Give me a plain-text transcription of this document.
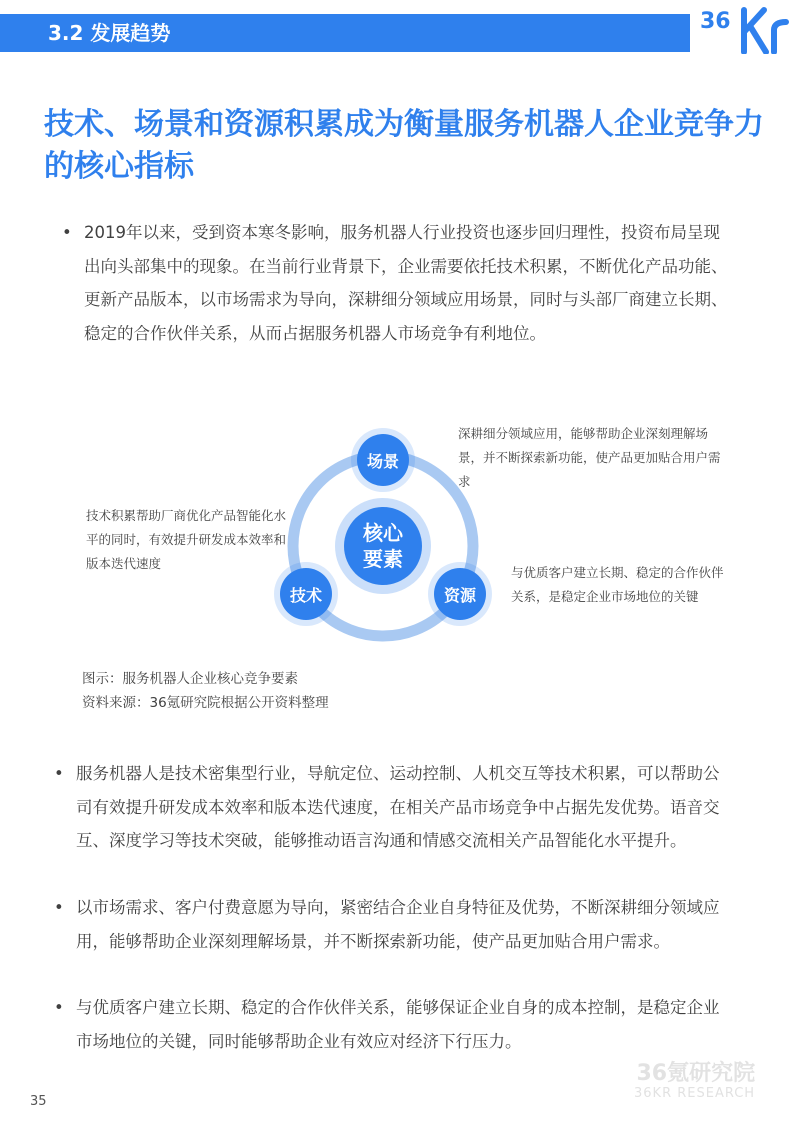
3.2 发展趋势	36
技术、场景和资源积累成为衡量服务机器人企业竞争力的核心指标
• 2019年以来，受到资本寒冬影响，服务机器人行业投资也逐步回归理性，投资布局呈现出向头部集中的现象。在当前行业背景下，企业需要依托技术积累，不断优化产品功能、更新产品版本，以市场需求为导向，深耕细分领域应用场景，同时与头部厂商建立长期、稳定的合作伙伴关系，从而占据服务机器人市场竞争有利地位。
核心
要素
场景
技术	资源
深耕细分领域应用，能够帮助企业深刻理解场景，并不断探索新功能，使产品更加贴合用户需求
技术积累帮助厂商优化产品智能化水平的同时，有效提升研发成本效率和版本迭代速度
与优质客户建立长期、稳定的合作伙伴关系，是稳定企业市场地位的关键
图示：服务机器人企业核心竞争要素
资料来源：36氪研究院根据公开资料整理
• 服务机器人是技术密集型行业，导航定位、运动控制、人机交互等技术积累，可以帮助公司有效提升研发成本效率和版本迭代速度，在相关产品市场竞争中占据先发优势。语音交互、深度学习等技术突破，能够推动语言沟通和情感交流相关产品智能化水平提升。
• 以市场需求、客户付费意愿为导向，紧密结合企业自身特征及优势，不断深耕细分领域应用，能够帮助企业深刻理解场景，并不断探索新功能，使产品更加贴合用户需求。
• 与优质客户建立长期、稳定的合作伙伴关系，能够保证企业自身的成本控制，是稳定企业市场地位的关键，同时能够帮助企业有效应对经济下行压力。
35
36氪研究院
36KR RESEARCH
